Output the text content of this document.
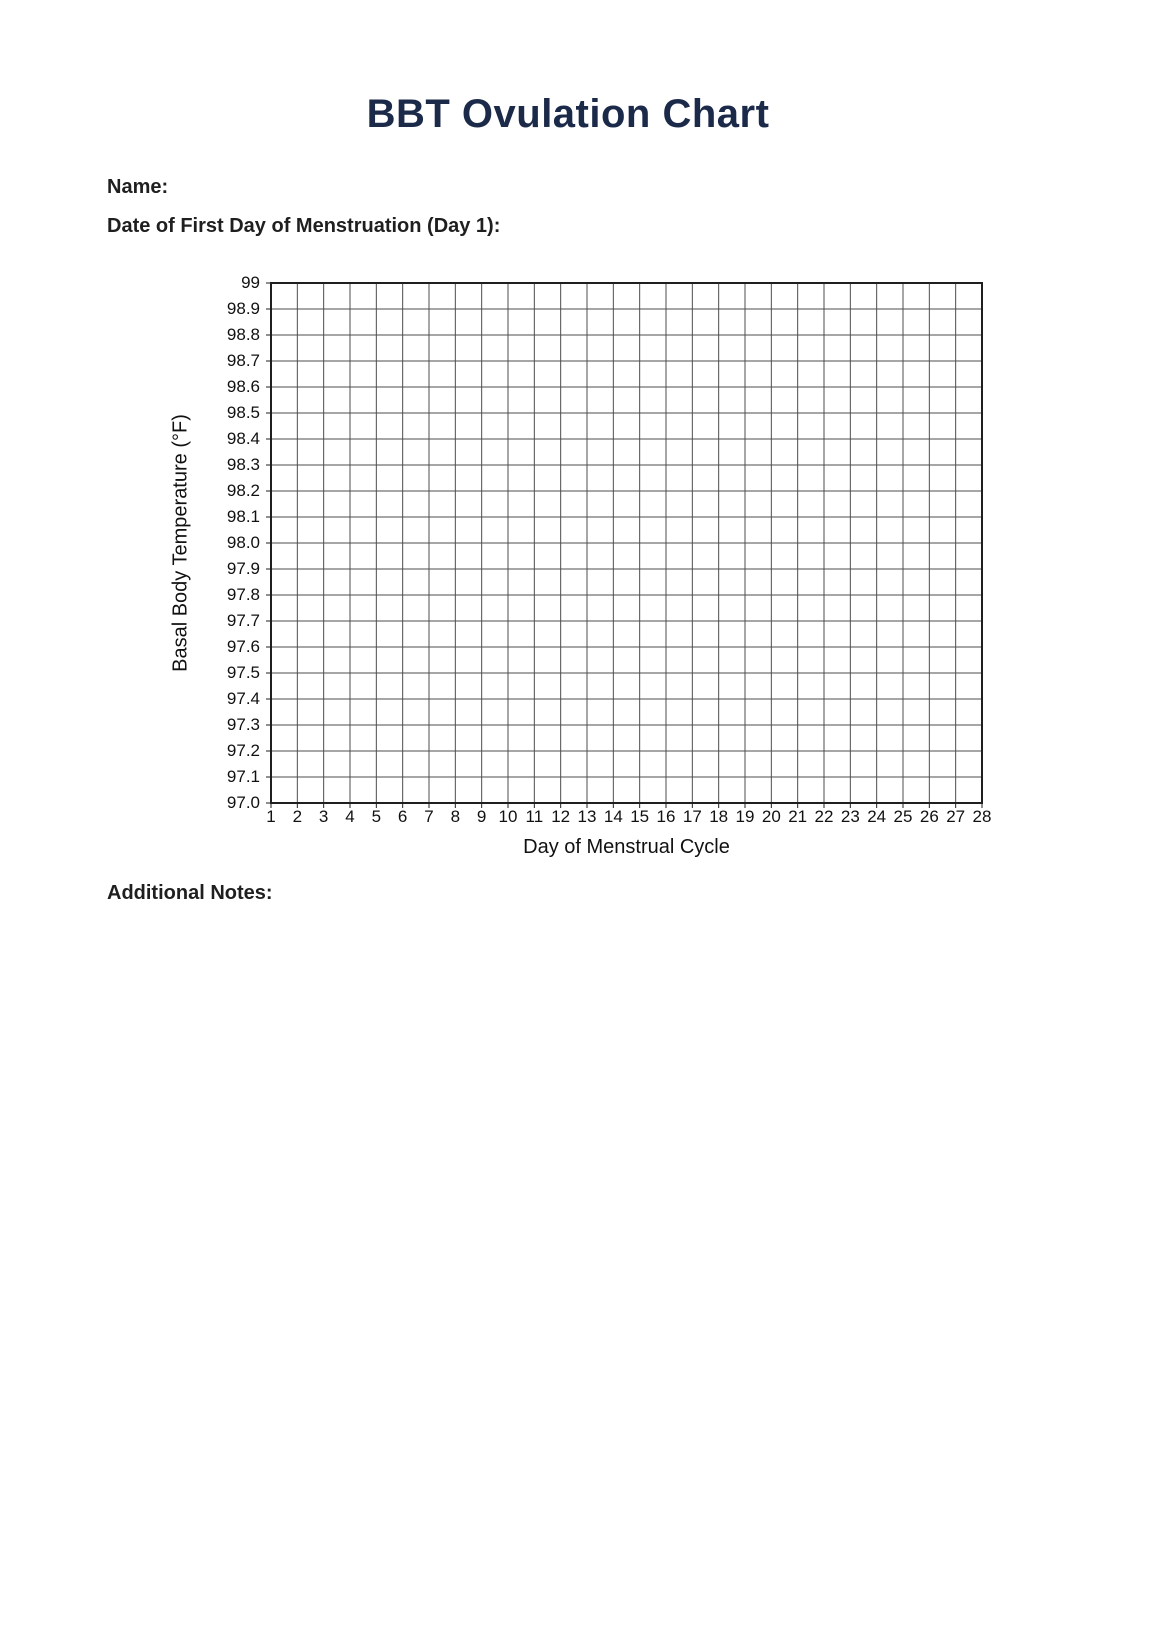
BBT Ovulation Chart
Name:
Date of First Day of Menstruation (Day 1):
99
98.9
98.8
98.7
98.6
98.5
98.4
98.3
98.2
98.1
98.0
97.9
97.8
97.7
97.6
97.5
97.4
97.3
97.2
97.1
97.0
1 2 3 4 5 6 7 8 9 10 11 12 13 14 15 16 17 18 19 20 21 22 23 24 25 26 27 28
Basal Body Temperature (°F)
Day of Menstrual Cycle
Additional Notes:
